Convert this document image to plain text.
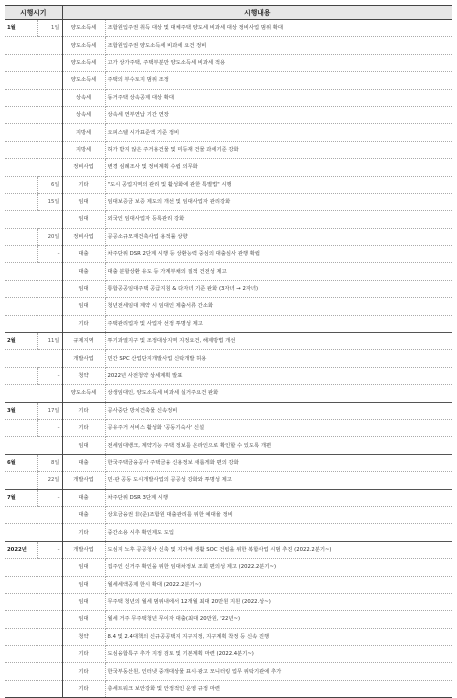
시행시기		시행내용	
1월	1일	양도소득세	조합원입주권 취득 대상 및 대체주택 양도세 비과세 대상 정비사업 범위 확대
		양도소득세	조합원입주권 양도소득세 비과세 요건 정비
		양도소득세	고가 상가주택, 주택부분만 양도소득세 비과세 적용
		양도소득세	주택의 부수토지 범위 조정
		상속세	동거주택 상속공제 대상 확대
		상속세	상속세 연부연납 기간 연장
		지방세	오피스텔 시가표준액 기준 정비
		지방세	허가 받지 않은 주거용건물 및 미등재 건물 과세기준 강화
		정비사업	변경 심례조사 및 정비계획 수립 의무화
	6일	기타	"도시 공업지역의 관리 및 활성화에 관한 특별법" 시행
	15일	임대	임대보증금 보증 제도의 개선 및 임대사업자 관리강화
		임대	외국인 임대사업자 등록관리 강화
	20일	정비사업	공공소규모재건축사업 용적률 상향
	-	대출	차주단위 DSR 2단계 시행 등 상환능력 중심의 대출심사 관행 확립
		대출	대출 분할상환 유도 등 가계부채의 질적 건전성 제고
		임대	통합공공임대주택 공급지침 & 다자녀 기준 완화 (3자녀 → 2자녀)
		임대	청년전세임대 계약 시 임대인 제출서류 간소화
		기타	주택관리업자 및 사업자 선정 투명성 제고
2월	11일	규제지역	투기과열지구 및 조정대상지역 지정요건, 해제방법 개선
		개발사업	민간 SPC 산업단지개발사업 신탁개발 허용
	-	청약	2022년 사전청약 상세계획 발표
		양도소득세	상생임대인, 양도소득세 비과세 실거주요건 완화
3월	17일	기타	공사중단 방치건축물 신속정비
	-	기타	공유주거 서비스 활성화 '공동기숙사' 신설
		임대	전세임대뱅크, 계약기능 주택 정보를 온라인으로 확인할 수 있도록 개편
6월	8일	대출	한국주택금융공사 주택금융 신용정보 새롭게화 편의 강화
	22일	개발사업	민·관 공동 도시개발사업의 공공성 강화와 투명성 제고
7월	-	대출	차주단위 DSR 3단계 시행
		대출	상호금융권 非(준)조합원 대출관리를 위한 예대율 정비
		기타	중간소용 시추 확인제도 도입
2022년	-	개발사업	도심지 노후 공공청사 신축 및 지자체 생활 SOC 건립을 위한 복합사업 시범 추진 (2022.2분기~)
		임대	집주인 신거주 확인을 위한 임대차정보 조회 편의성 제고 (2022.2분기~)
		임대	월세세액공제 한시 확대 (2022.2분기~)
		임대	무주택 청년의 월세 범위내에서 12개월 최대 20만원 지원 (2022.상~)
		임대	월세 거주 무주택청년 무이자 대출(최대 20만원, '22년~)
		청약	8.4 및 2.4대책의 신규공공택지 지구지정, 지구계획 착정 등 신속 진행
		기타	도심융합특구 추가 지정 검토 및 기본계획 마련 (2022.4분기~)
		기타	한국부동산원, 인터넷 중개대상물 표시·광고 모니터링 업무 위탁기관에 추가
		기타	층세트워크 보안강화 및 안정적인 운영 규정 마련
